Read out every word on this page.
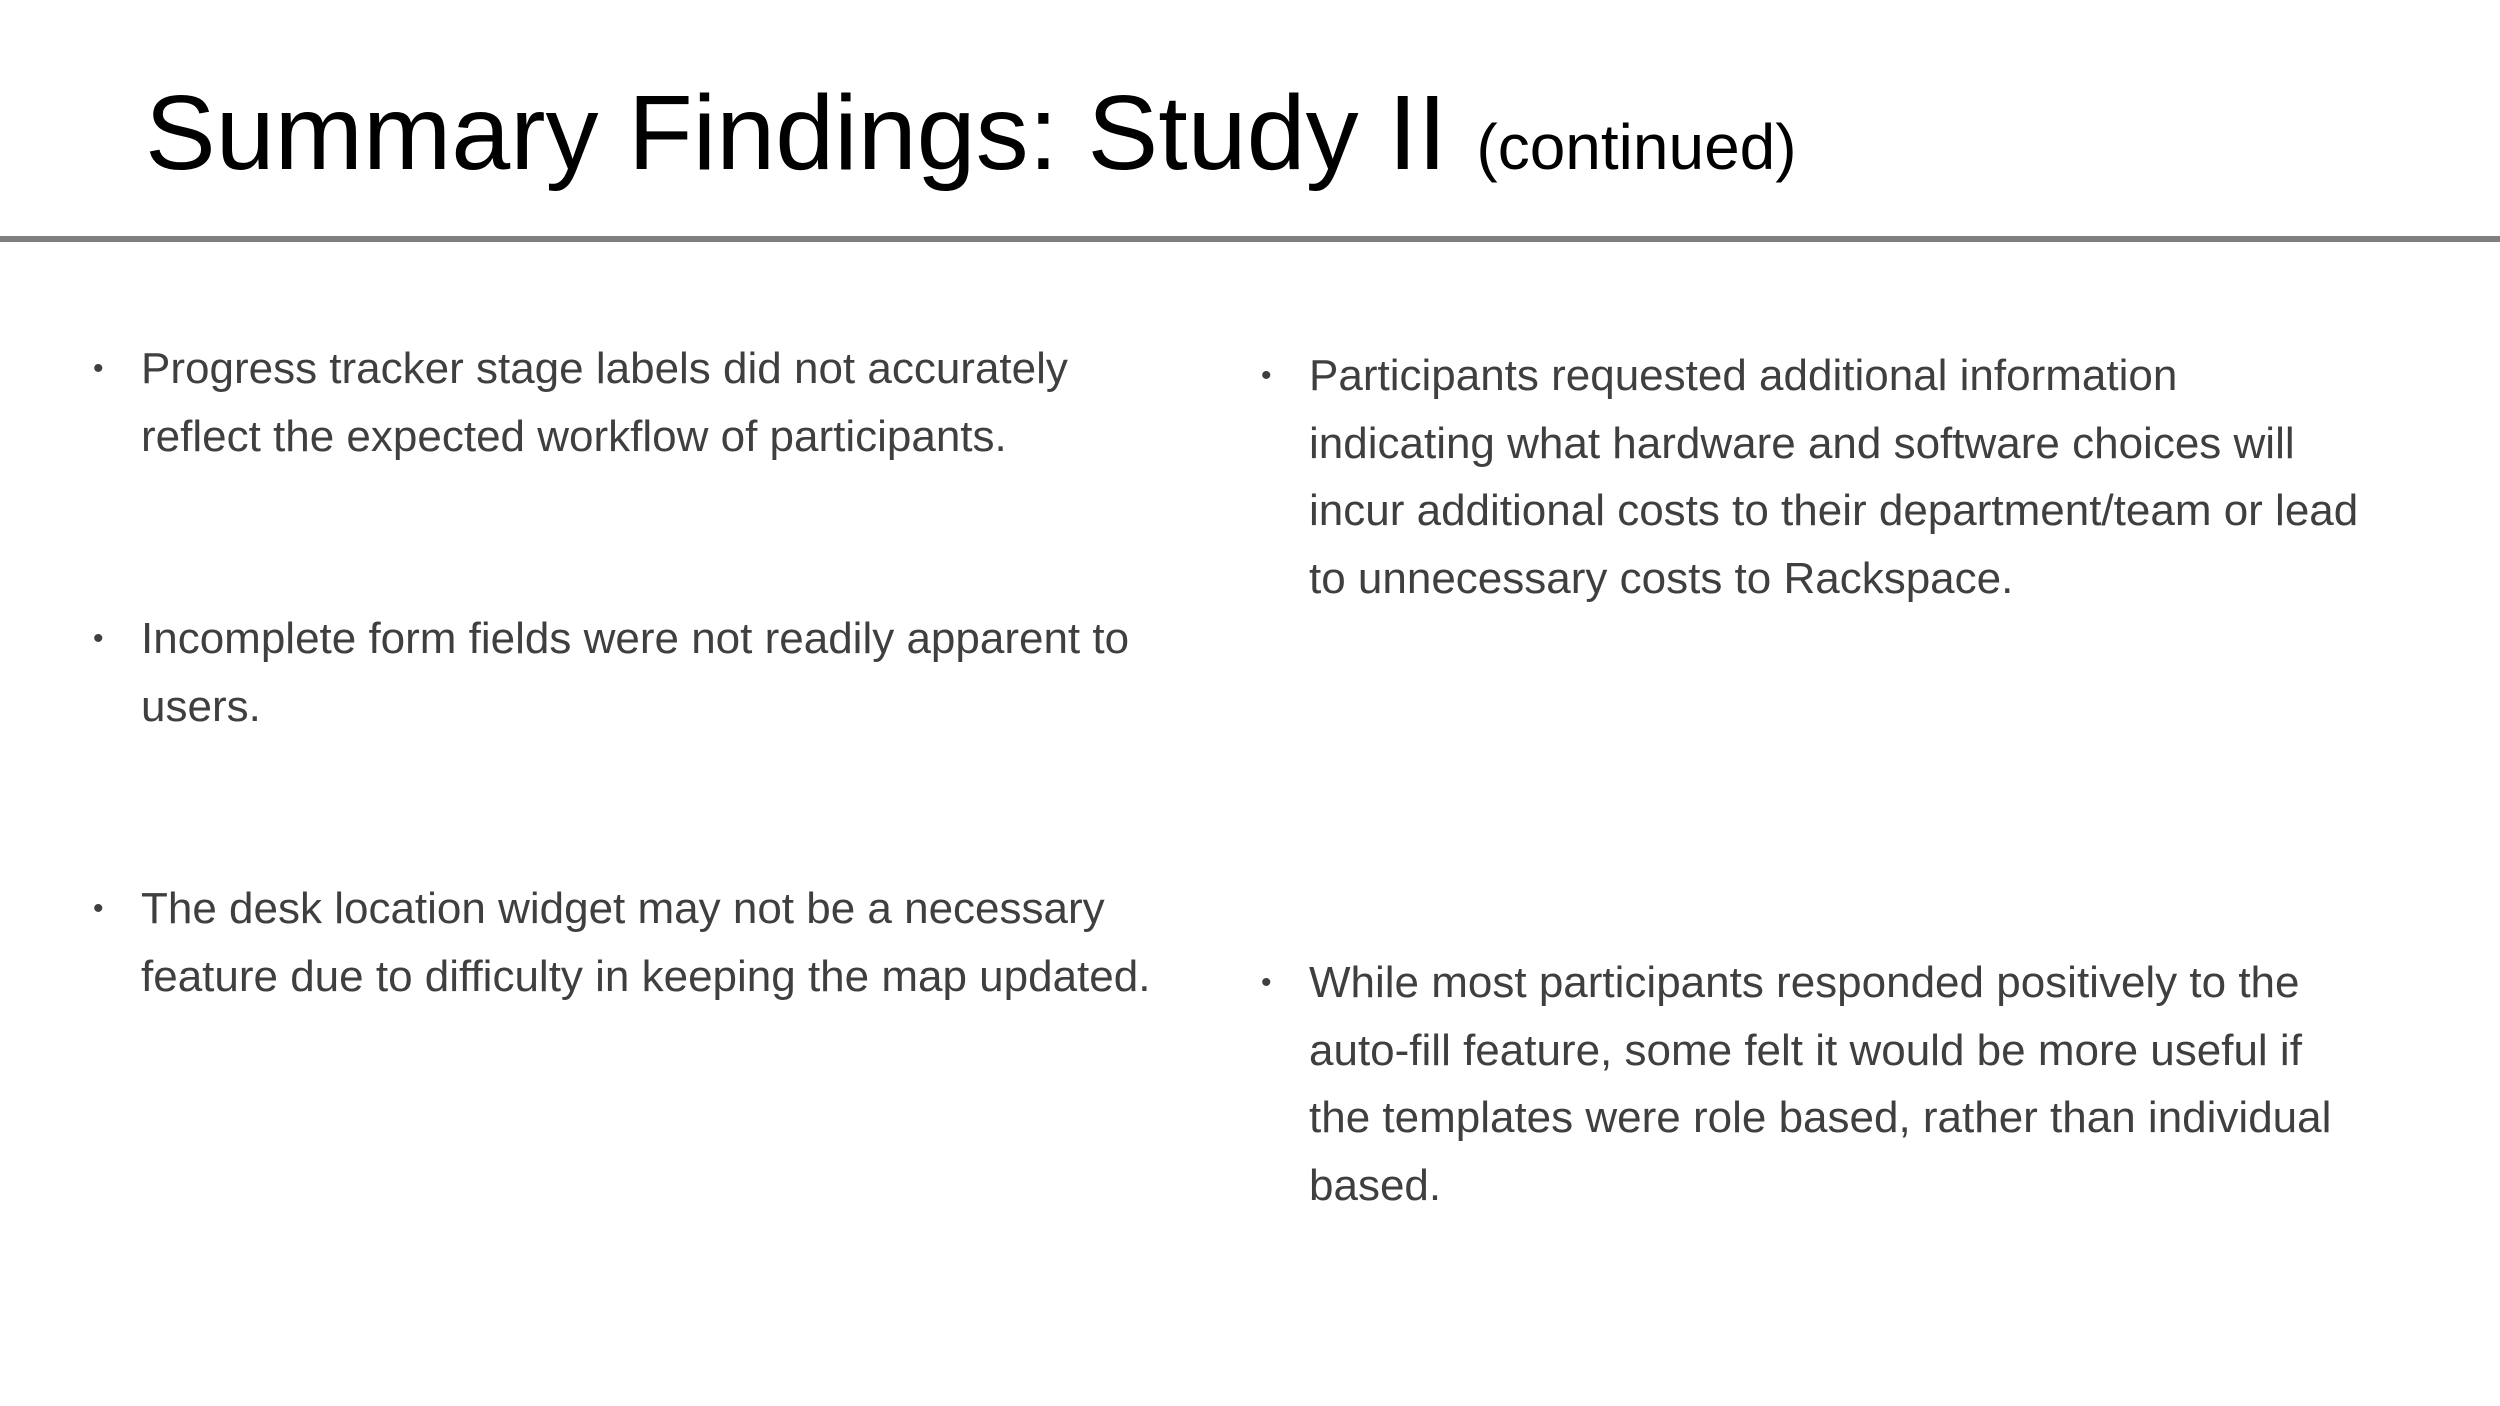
Summary Findings: Study II (continued)
• Progress tracker stage labels did not accurately reflect the expected workflow of participants.
• Incomplete form fields were not readily apparent to users.
• The desk location widget may not be a necessary feature due to difficulty in keeping the map updated.
• Participants requested additional information indicating what hardware and software choices will incur additional costs to their department/team or lead to unnecessary costs to Rackspace.
• While most participants responded positively to the auto-fill feature, some felt it would be more useful if the templates were role based, rather than individual based.
